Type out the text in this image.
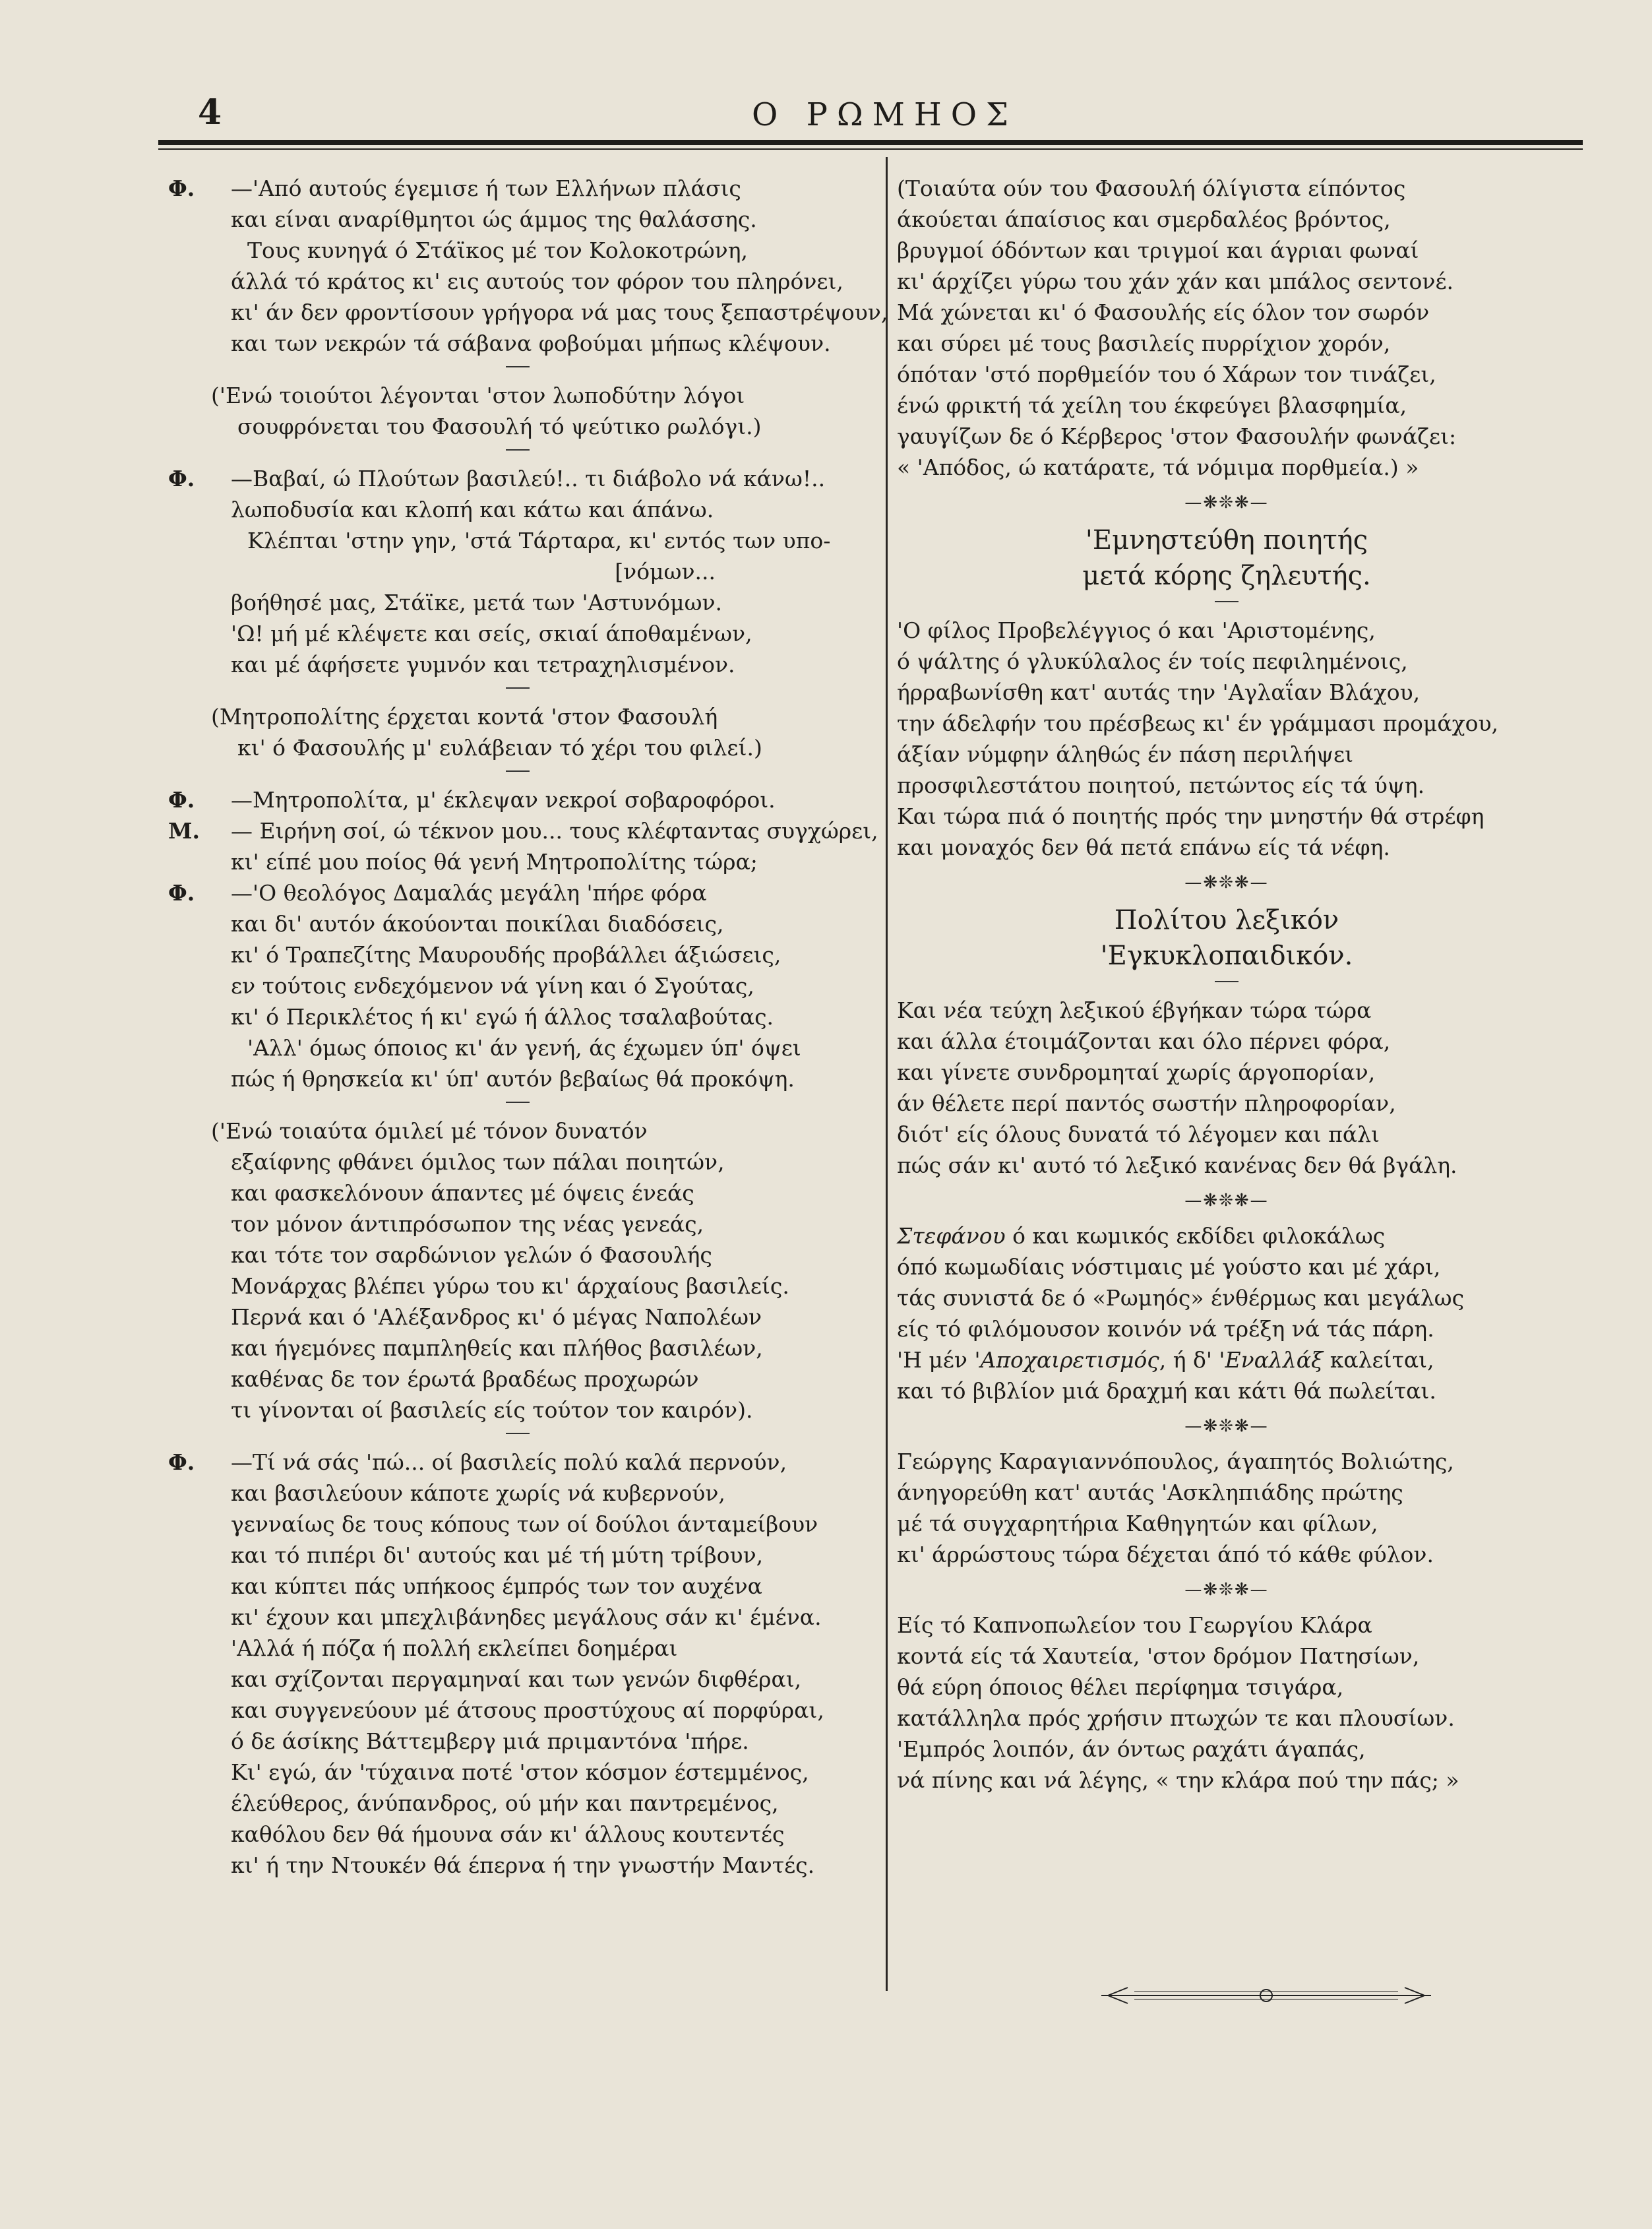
4	Ο ΡΩΜΗΟΣ
Φ. —'Από αυτούς έγεμισε ή των Ελλήνων πλάσις
και είναι αναρίθμητοι ώς άμμος της θαλάσσης.
Τους κυνηγά ό Στάϊκος μέ τον Κολοκοτρώνη,
άλλά τό κράτος κι' εις αυτούς τον φόρον του πληρόνει,
κι' άν δεν φροντίσουν γρήγορα νά μας τους ξεπαστρέψουν,
και των νεκρών τά σάβανα φοβούμαι μήπως κλέψουν.
('Ενώ τοιούτοι λέγονται 'στον λωποδύτην λόγοι
σουφρόνεται του Φασουλή τό ψεύτικο ρωλόγι.)
Φ. —Βαβαί, ώ Πλούτων βασιλεύ!.. τι διάβολο νά κάνω!..
λωποδυσία και κλοπή και κάτω και άπάνω.
Κλέπται 'στην γην, 'στά Τάρταρα, κι' εντός των υπο-
[νόμων...
βοήθησέ μας, Στάϊκε, μετά των 'Αστυνόμων.
'Ω! μή μέ κλέψετε και σείς, σκιαί άποθαμένων,
και μέ άφήσετε γυμνόν και τετραχηλισμένον.
(Μητροπολίτης έρχεται κοντά 'στον Φασουλή
κι' ό Φασουλής μ' ευλάβειαν τό χέρι του φιλεί.)
Φ. —Μητροπολίτα, μ' έκλεψαν νεκροί σοβαρoφόροι.
Μ. — Ειρήνη σοί, ώ τέκνον μου... τους κλέφταντας συγχώρει,
κι' είπέ μου ποίος θά γενή Μητροπολίτης τώρα;
Φ. —'Ο θεολόγος Δαμαλάς μεγάλη 'πήρε φόρα
και δι' αυτόν άκούονται ποικίλαι διαδόσεις,
κι' ό Τραπεζίτης Μαυρουδής προβάλλει άξιώσεις,
εν τούτοις ενδεχόμενον νά γίνη και ό Σγούτας,
κι' ό Περικλέτος ή κι' εγώ ή άλλος τσαλαβούτας.
'Αλλ' όμως όποιος κι' άν γενή, άς έχωμεν ύπ' όψει
πώς ή θρησκεία κι' ύπ' αυτόν βεβαίως θά προκόψη.
('Ενώ τοιαύτα όμιλεί μέ τόνον δυνατόν
εξαίφνης φθάνει όμιλος των πάλαι ποιητών,
και φασκελόνουν άπαντες μέ όψεις ένεάς
τον μόνον άντιπρόσωπον της νέας γενεάς,
και τότε τον σαρδώνιον γελών ό Φασουλής
Μονάρχας βλέπει γύρω του κι' άρχαίους βασιλείς.
Περνά και ό 'Αλέξανδρος κι' ό μέγας Ναπολέων
και ήγεμόνες παμπληθείς και πλήθος βασιλέων,
καθένας δε τον έρωτά βραδέως προχωρών
τι γίνονται οί βασιλείς είς τούτον τον καιρόν).
Φ. —Τί νά σάς 'πώ... οί βασιλείς πολύ καλά περνούν,
και βασιλεύουν κάποτε χωρίς νά κυβερνούν,
γενναίως δε τους κόπους των οί δούλοι άνταμείβουν
και τό πιπέρι δι' αυτούς και μέ τή μύτη τρίβουν,
και κύπτει πάς υπήκοος έμπρός των τον αυχένα
κι' έχουν και μπεχλιβάνηδες μεγάλους σάν κι' έμένα.
'Αλλά ή πόζα ή πολλή εκλείπει δοημέραι
και σχίζονται περγαμηναί και των γενών διφθέραι,
και συγγενεύουν μέ άτσους προστύχους αί πορφύραι,
ό δε άσίκης Βάττεμβεργ μιά πριμαντόνα 'πήρε.
Κι' εγώ, άν 'τύχαινα ποτέ 'στον κόσμον έστεμμένος,
έλεύθερος, άνύπανδρος, ού μήν και παντρεμένος,
καθόλου δεν θά ήμουνα σάν κι' άλλους κουτεντές
κι' ή την Ντουκέν θά έπερνα ή την γνωστήν Μαντές.
(Τοιαύτα ούν του Φασουλή όλίγιστα είπόντος
άκούεται άπαίσιος και σμερδαλέος βρόντος,
βρυγμοί όδόντων και τριγμοί και άγριαι φωναί
κι' άρχίζει γύρω του χάν χάν και μπάλος σεντονέ.
Μά χώνεται κι' ό Φασουλής είς όλον τον σωρόν
και σύρει μέ τους βασιλείς πυρρίχιον χορόν,
όπόταν 'στό πορθμείόν του ό Χάρων τον τινάζει,
ένώ φρικτή τά χείλη του έκφεύγει βλασφημία,
γαυγίζων δε ό Κέρβερος 'στον Φασουλήν φωνάζει:
« 'Απόδος, ώ κατάρατε, τά νόμιμα πορθμεία.) »
—❋❊❋—
'Εμνηστεύθη ποιητής
μετά κόρης ζηλευτής.
'Ο φίλος Προβελέγγιος ό και 'Αριστομένης,
ό ψάλτης ό γλυκύλαλος έν τοίς πεφιλημένοις,
ήρραβωνίσθη κατ' αυτάς την 'Αγλαΐαν Βλάχου,
την άδελφήν του πρέσβεως κι' έν γράμμασι προμάχου,
άξίαν νύμφην άληθώς έν πάση περιλήψει
προσφιλεστάτου ποιητού, πετώντος είς τά ύψη.
Και τώρα πιά ό ποιητής πρός την μνηστήν θά στρέφη
και μοναχός δεν θά πετά επάνω είς τά νέφη.
—❋❊❋—
Πολίτου λεξικόν
'Εγκυκλοπαιδικόν.
Και νέα τεύχη λεξικού έβγήκαν τώρα τώρα
και άλλα έτοιμάζονται και όλο πέρνει φόρα,
και γίνετε συνδρομηταί χωρίς άργοπορίαν,
άν θέλετε περί παντός σωστήν πληροφορίαν,
διότ' είς όλους δυνατά τό λέγομεν και πάλι
πώς σάν κι' αυτό τό λεξικό κανένας δεν θά βγάλη.
—❋❊❋—
Στεφάνου ό και κωμικός εκδίδει φιλοκάλως
όπό κωμωδίαις νόστιμαις μέ γούστο και μέ χάρι,
τάς συνιστά δε ό «Ρωμηός» ένθέρμως και μεγάλως
είς τό φιλόμουσον κοινόν νά τρέξη νά τάς πάρη.
'Η μέν 'Αποχαιρετισμός, ή δ' 'Εναλλάξ καλείται,
και τό βιβλίον μιά δραχμή και κάτι θά πωλείται.
—❋❊❋—
Γεώργης Καραγιαννόπουλος, άγαπητός Βολιώτης,
άνηγορεύθη κατ' αυτάς 'Ασκληπιάδης πρώτης
μέ τά συγχαρητήρια Καθηγητών και φίλων,
κι' άρρώστους τώρα δέχεται άπό τό κάθε φύλον.
—❋❊❋—
Είς τό Καπνοπωλείον του Γεωργίου Κλάρα
κοντά είς τά Χαυτεία, 'στον δρόμον Πατησίων,
θά εύρη όποιος θέλει περίφημα τσιγάρα,
κατάλληλα πρός χρήσιν πτωχών τε και πλουσίων.
'Εμπρός λοιπόν, άν όντως ραχάτι άγαπάς,
νά πίνης και νά λέγης, « την κλάρα πού την πάς; »
